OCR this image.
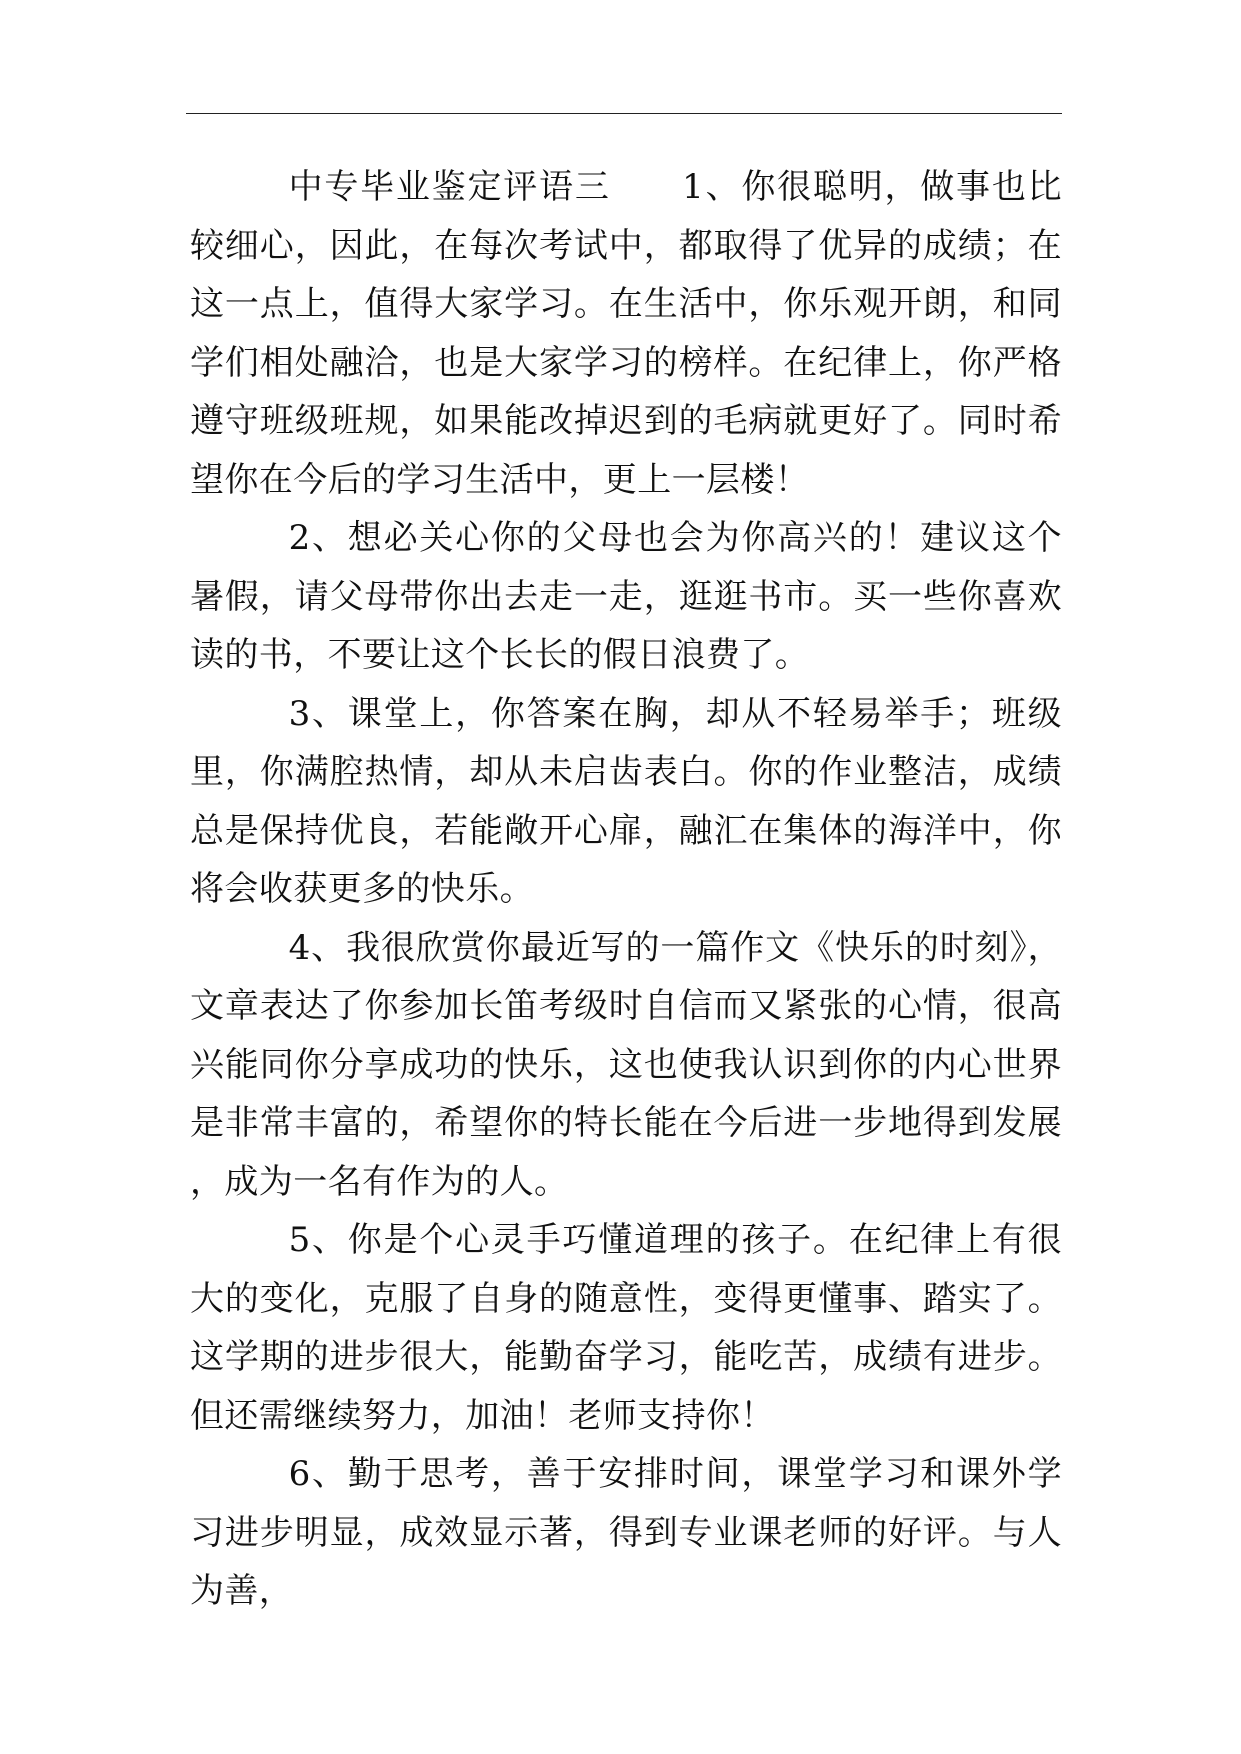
中专毕业鉴定评语三　　1、你很聪明，做事也比较细心，因此，在每次考试中，都取得了优异的成绩；在这一点上，值得大家学习。在生活中，你乐观开朗，和同学们相处融洽，也是大家学习的榜样。在纪律上，你严格遵守班级班规，如果能改掉迟到的毛病就更好了。同时希望你在今后的学习生活中，更上一层楼！

2、想必关心你的父母也会为你高兴的！建议这个暑假，请父母带你出去走一走，逛逛书市。买一些你喜欢读的书，不要让这个长长的假日浪费了。

3、课堂上，你答案在胸，却从不轻易举手；班级里，你满腔热情，却从未启齿表白。你的作业整洁，成绩总是保持优良，若能敞开心扉，融汇在集体的海洋中，你将会收获更多的快乐。

4、我很欣赏你最近写的一篇作文《快乐的时刻》，文章表达了你参加长笛考级时自信而又紧张的心情，很高兴能同你分享成功的快乐，这也使我认识到你的内心世界是非常丰富的，希望你的特长能在今后进一步地得到发展，成为一名有作为的人。

5、你是个心灵手巧懂道理的孩子。在纪律上有很大的变化，克服了自身的随意性，变得更懂事、踏实了。这学期的进步很大，能勤奋学习，能吃苦，成绩有进步。但还需继续努力，加油！老师支持你！

6、勤于思考，善于安排时间，课堂学习和课外学习进步明显，成效显示著，得到专业课老师的好评。与人为善，
